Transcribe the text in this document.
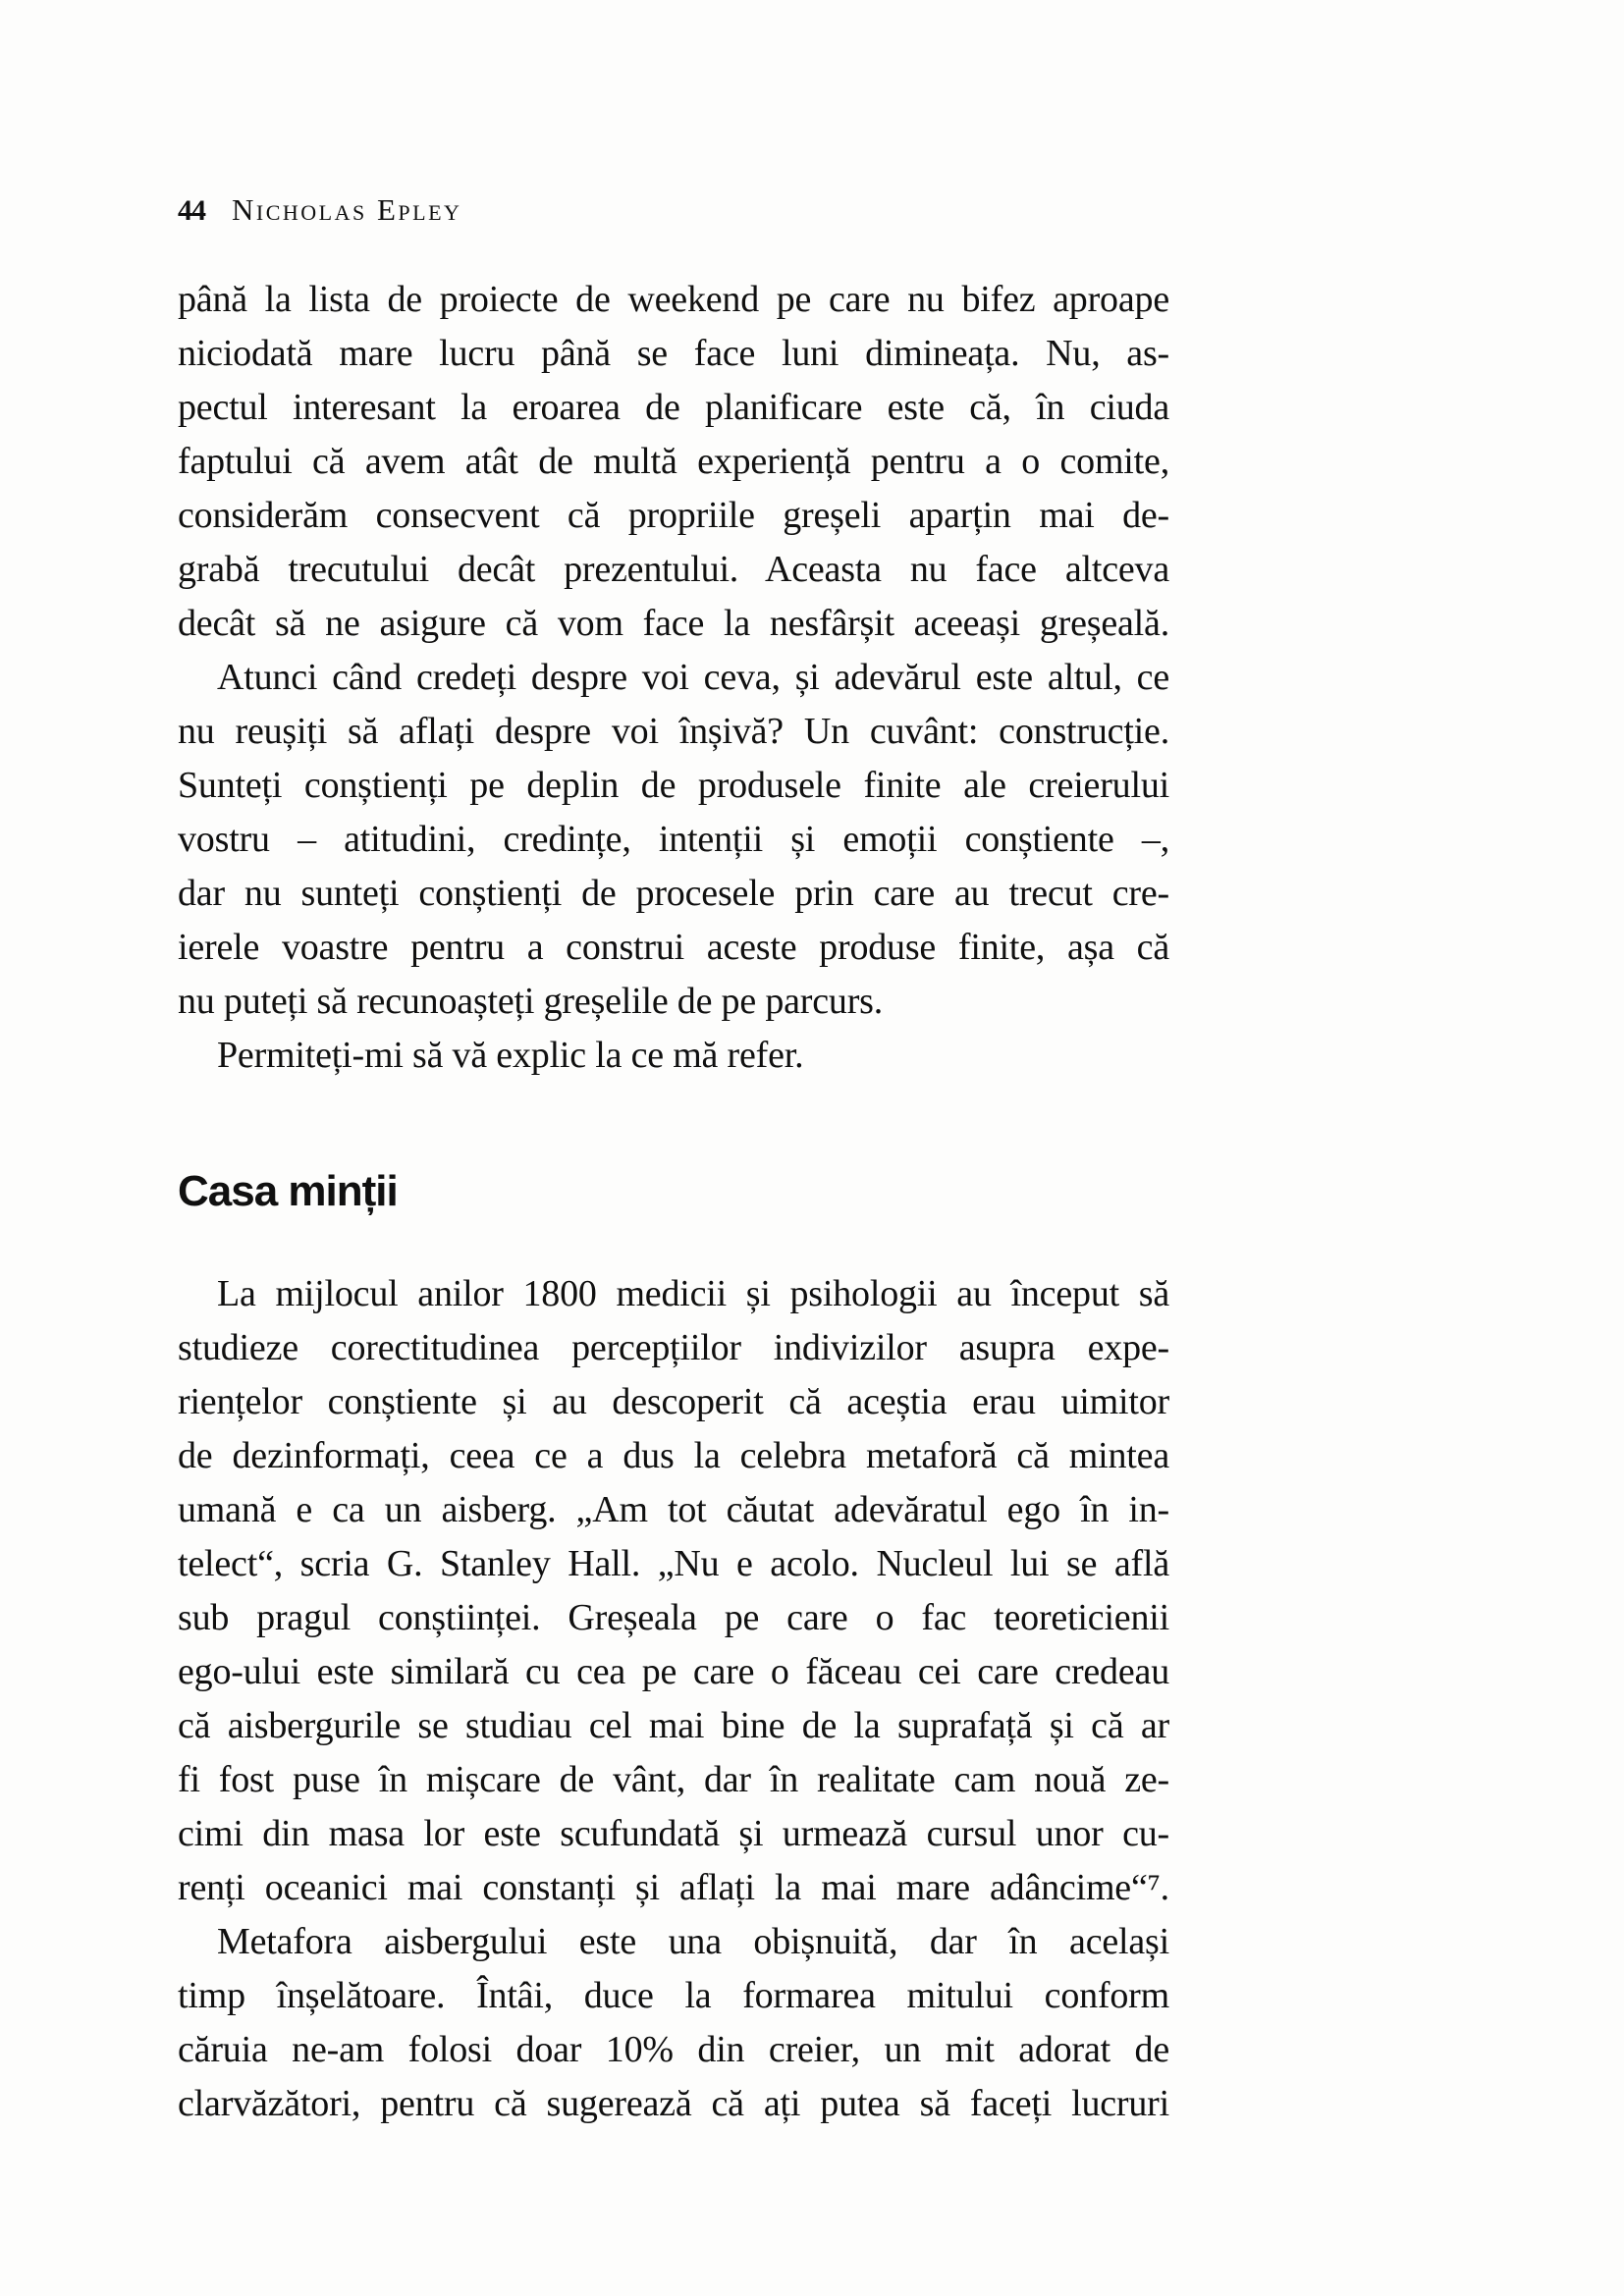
44 Nicholas Epley
până la lista de proiecte de weekend pe care nu bifez aproape
niciodată mare lucru până se face luni dimineața. Nu, as-
pectul interesant la eroarea de planificare este că, în ciuda
faptului că avem atât de multă experiență pentru a o comite,
considerăm consecvent că propriile greșeli aparțin mai de-
grabă trecutului decât prezentului. Aceasta nu face altceva
decât să ne asigure că vom face la nesfârșit aceeași greșeală.
Atunci când credeți despre voi ceva, și adevărul este altul, ce
nu reușiți să aflați despre voi înșivă? Un cuvânt: construcție.
Sunteți conștienți pe deplin de produsele finite ale creierului
vostru – atitudini, credințe, intenții și emoții conștiente –,
dar nu sunteți conștienți de procesele prin care au trecut cre-
ierele voastre pentru a construi aceste produse finite, așa că
nu puteți să recunoașteți greșelile de pe parcurs.
Permiteți-mi să vă explic la ce mă refer.
Casa minții
La mijlocul anilor 1800 medicii și psihologii au început să
studieze corectitudinea percepțiilor indivizilor asupra expe-
riențelor conștiente și au descoperit că aceștia erau uimitor
de dezinformați, ceea ce a dus la celebra metaforă că mintea
umană e ca un aisberg. „Am tot căutat adevăratul ego în in-
telect“, scria G. Stanley Hall. „Nu e acolo. Nucleul lui se află
sub pragul conștiinței. Greșeala pe care o fac teoreticienii
ego-ului este similară cu cea pe care o făceau cei care credeau
că aisbergurile se studiau cel mai bine de la suprafață și că ar
fi fost puse în mișcare de vânt, dar în realitate cam nouă ze-
cimi din masa lor este scufundată și urmează cursul unor cu-
renți oceanici mai constanți și aflați la mai mare adâncime“⁷.
Metafora aisbergului este una obișnuită, dar în același
timp înșelătoare. Întâi, duce la formarea mitului conform
căruia ne-am folosi doar 10% din creier, un mit adorat de
clarvăzători, pentru că sugerează că ați putea să faceți lucruri
